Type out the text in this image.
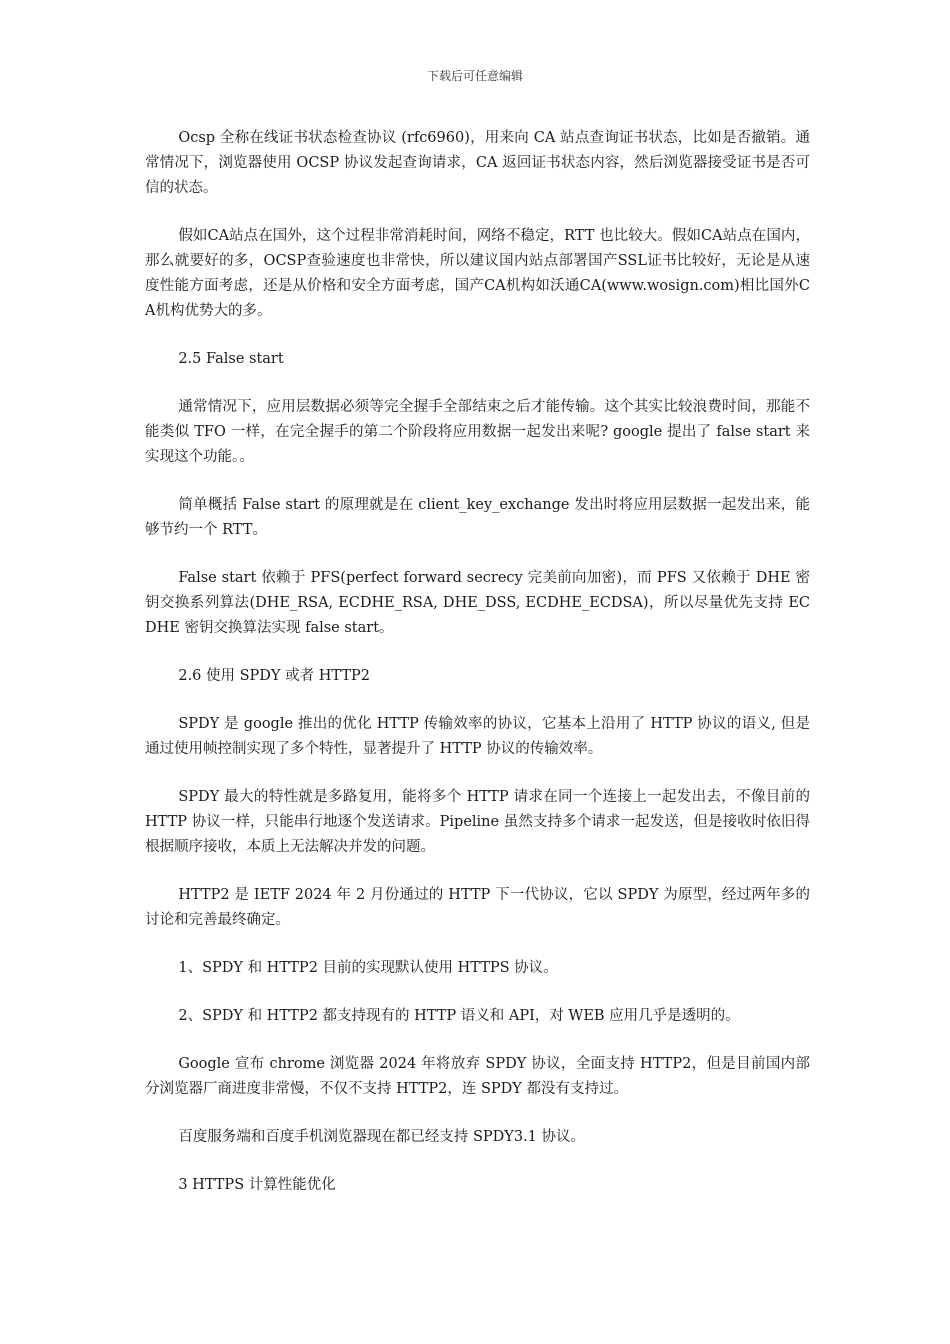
下载后可任意编辑

Ocsp 全称在线证书状态检查协议 (rfc6960)，用来向 CA 站点查询证书状态，比如是否撤销。通常情况下，浏览器使用 OCSP 协议发起查询请求，CA 返回证书状态内容，然后浏览器接受证书是否可信的状态。

假如CA站点在国外，这个过程非常消耗时间，网络不稳定，RTT 也比较大。假如CA站点在国内，那么就要好的多，OCSP查验速度也非常快，所以建议国内站点部署国产SSL证书比较好，无论是从速度性能方面考虑，还是从价格和安全方面考虑，国产CA机构如沃通CA(www.wosign.com)相比国外CA机构优势大的多。

2.5 False start

通常情况下，应用层数据必须等完全握手全部结束之后才能传输。这个其实比较浪费时间，那能不能类似 TFO 一样，在完全握手的第二个阶段将应用数据一起发出来呢? google 提出了 false start 来实现这个功能。。

简单概括 False start 的原理就是在 client_key_exchange 发出时将应用层数据一起发出来，能够节约一个 RTT。

False start 依赖于 PFS(perfect forward secrecy 完美前向加密)，而 PFS 又依赖于 DHE 密钥交换系列算法(DHE_RSA, ECDHE_RSA, DHE_DSS, ECDHE_ECDSA)，所以尽量优先支持 ECDHE 密钥交换算法实现 false start。

2.6 使用 SPDY 或者 HTTP2

SPDY 是 google 推出的优化 HTTP 传输效率的协议，它基本上沿用了 HTTP 协议的语义, 但是通过使用帧控制实现了多个特性，显著提升了 HTTP 协议的传输效率。

SPDY 最大的特性就是多路复用，能将多个 HTTP 请求在同一个连接上一起发出去，不像目前的 HTTP 协议一样，只能串行地逐个发送请求。Pipeline 虽然支持多个请求一起发送，但是接收时依旧得根据顺序接收，本质上无法解决并发的问题。

HTTP2 是 IETF 2024 年 2 月份通过的 HTTP 下一代协议，它以 SPDY 为原型，经过两年多的讨论和完善最终确定。

1、SPDY 和 HTTP2 目前的实现默认使用 HTTPS 协议。

2、SPDY 和 HTTP2 都支持现有的 HTTP 语义和 API，对 WEB 应用几乎是透明的。

Google 宣布 chrome 浏览器 2024 年将放弃 SPDY 协议，全面支持 HTTP2，但是目前国内部分浏览器厂商进度非常慢，不仅不支持 HTTP2，连 SPDY 都没有支持过。

百度服务端和百度手机浏览器现在都已经支持 SPDY3.1 协议。

3 HTTPS 计算性能优化
